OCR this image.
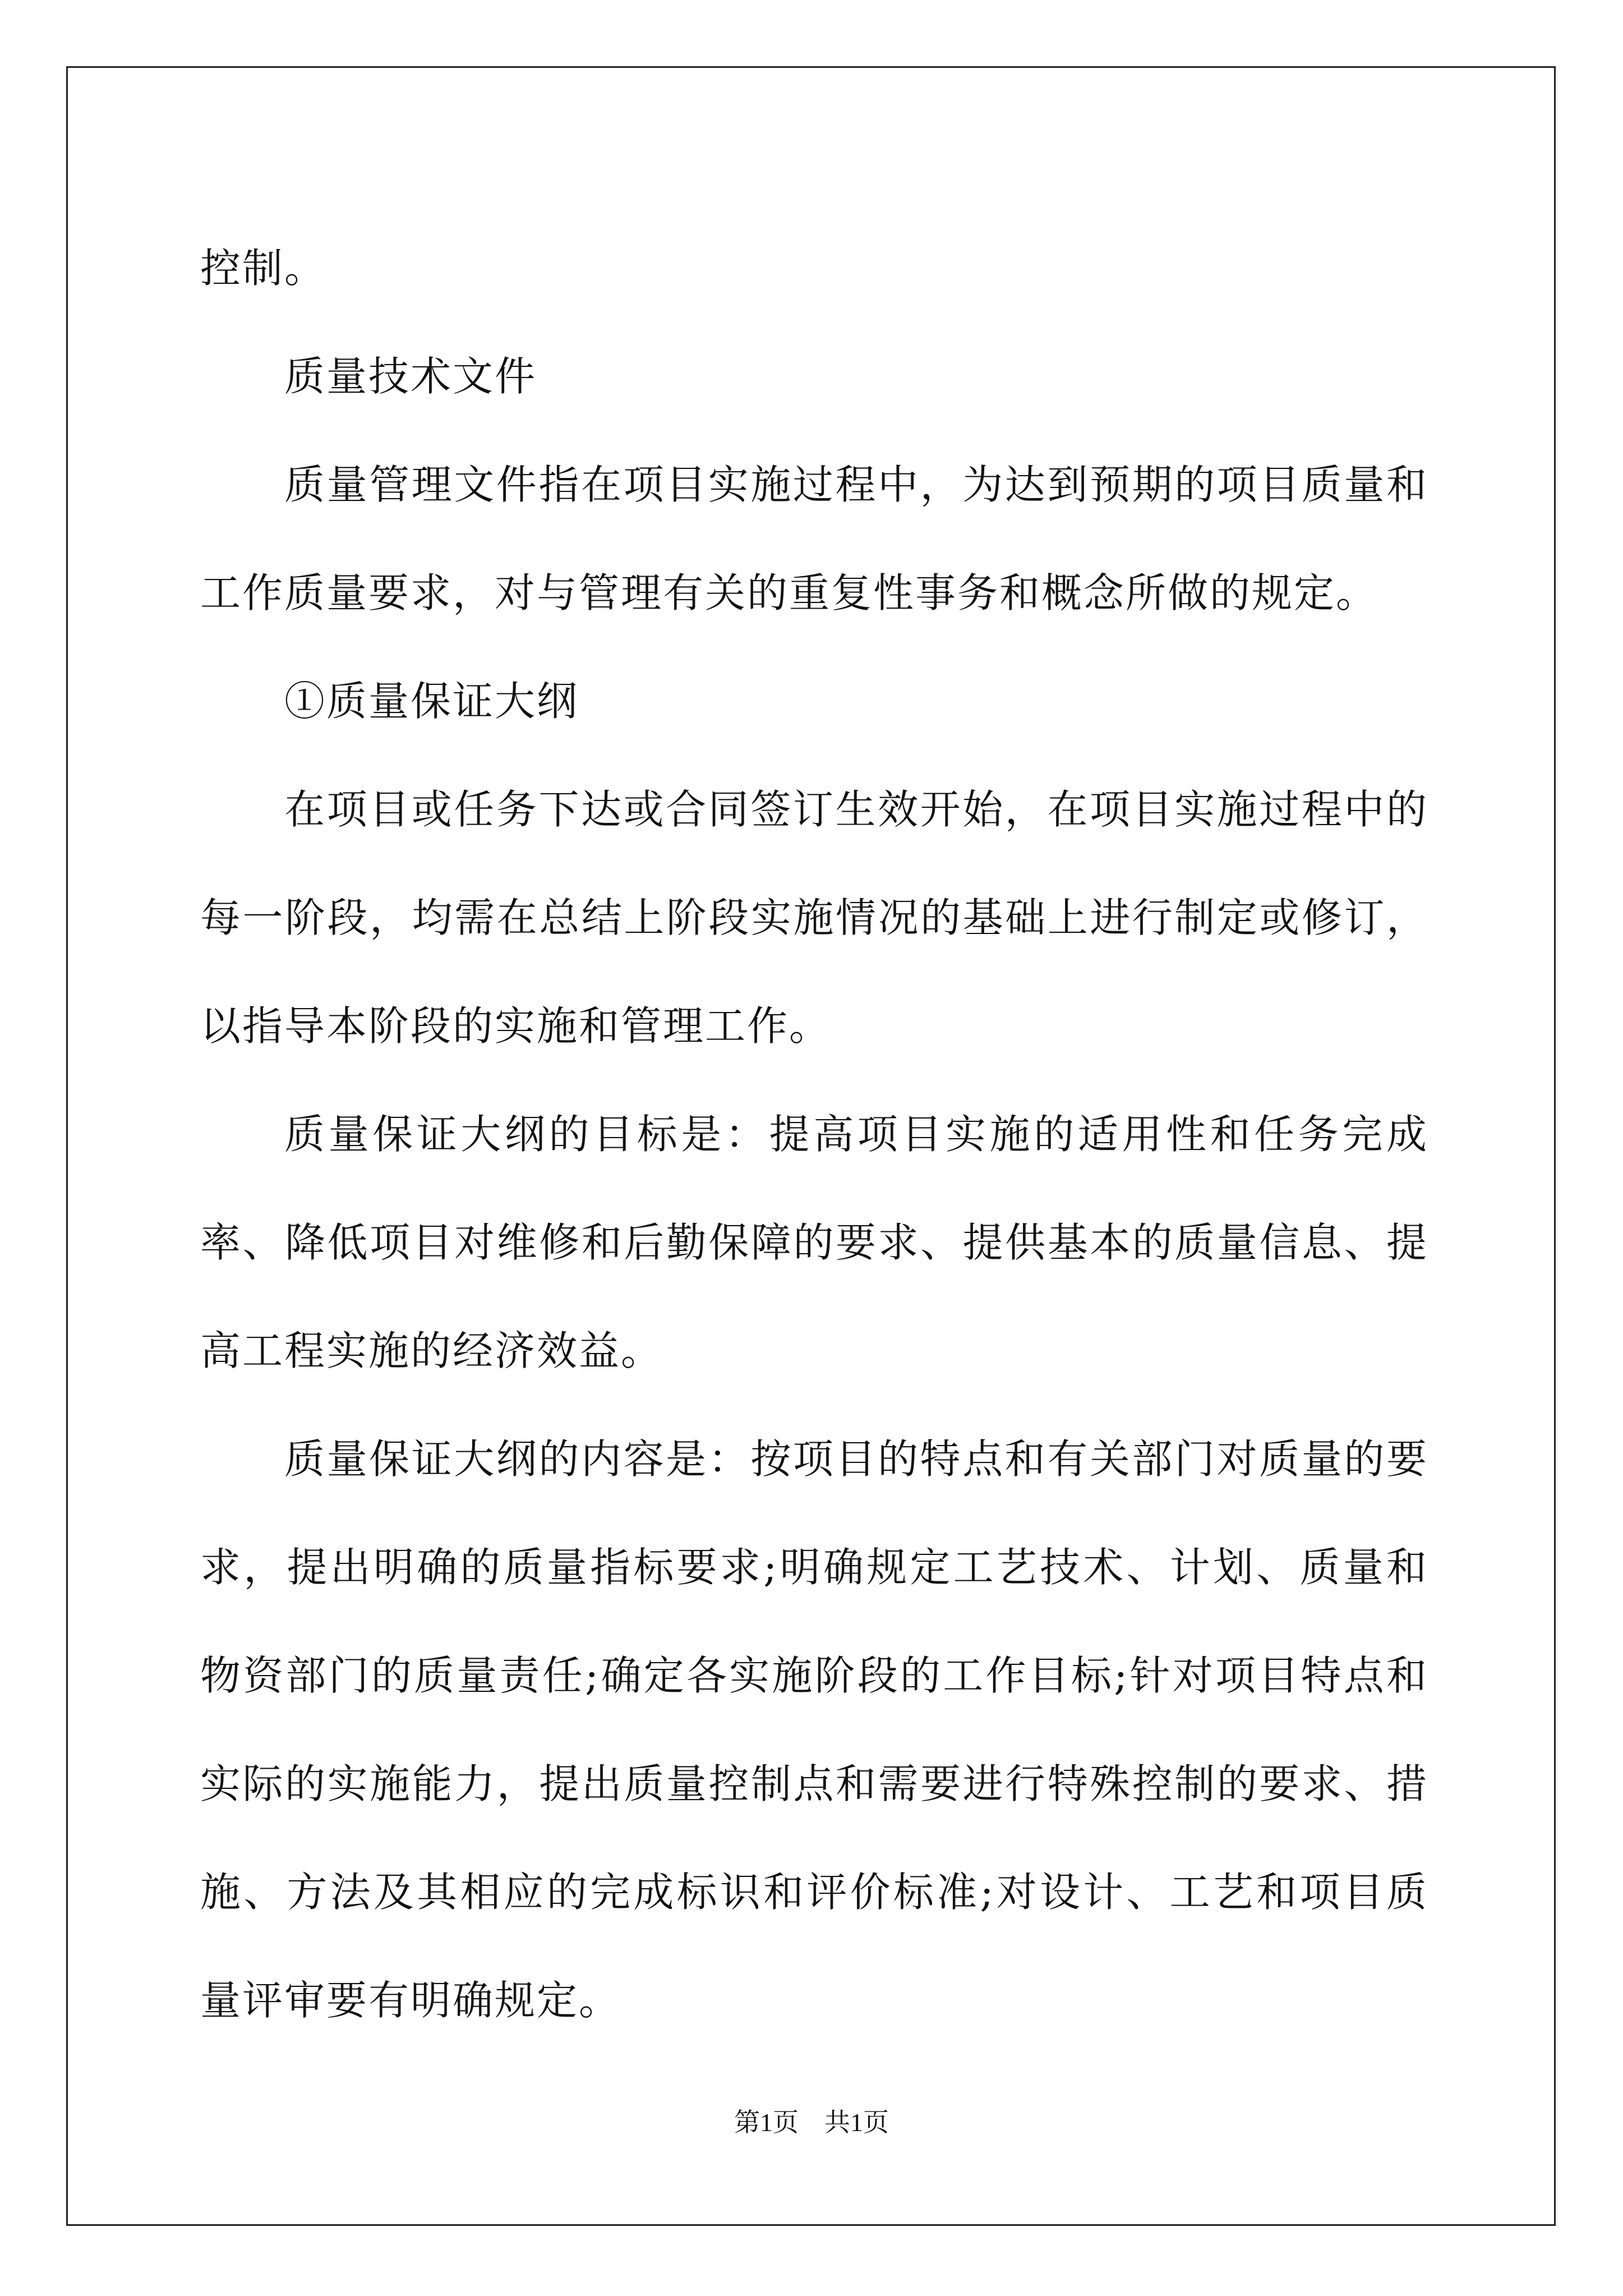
控制。

质量技术文件

质量管理文件指在项目实施过程中，为达到预期的项目质量和工作质量要求，对与管理有关的重复性事务和概念所做的规定。

①质量保证大纲

在项目或任务下达或合同签订生效开始，在项目实施过程中的每一阶段，均需在总结上阶段实施情况的基础上进行制定或修订，以指导本阶段的实施和管理工作。

质量保证大纲的目标是：提高项目实施的适用性和任务完成率、降低项目对维修和后勤保障的要求、提供基本的质量信息、提高工程实施的经济效益。

质量保证大纲的内容是：按项目的特点和有关部门对质量的要求，提出明确的质量指标要求;明确规定工艺技术、计划、质量和物资部门的质量责任;确定各实施阶段的工作目标;针对项目特点和实际的实施能力，提出质量控制点和需要进行特殊控制的要求、措施、方法及其相应的完成标识和评价标准;对设计、工艺和项目质量评审要有明确规定。

第1页 共1页
